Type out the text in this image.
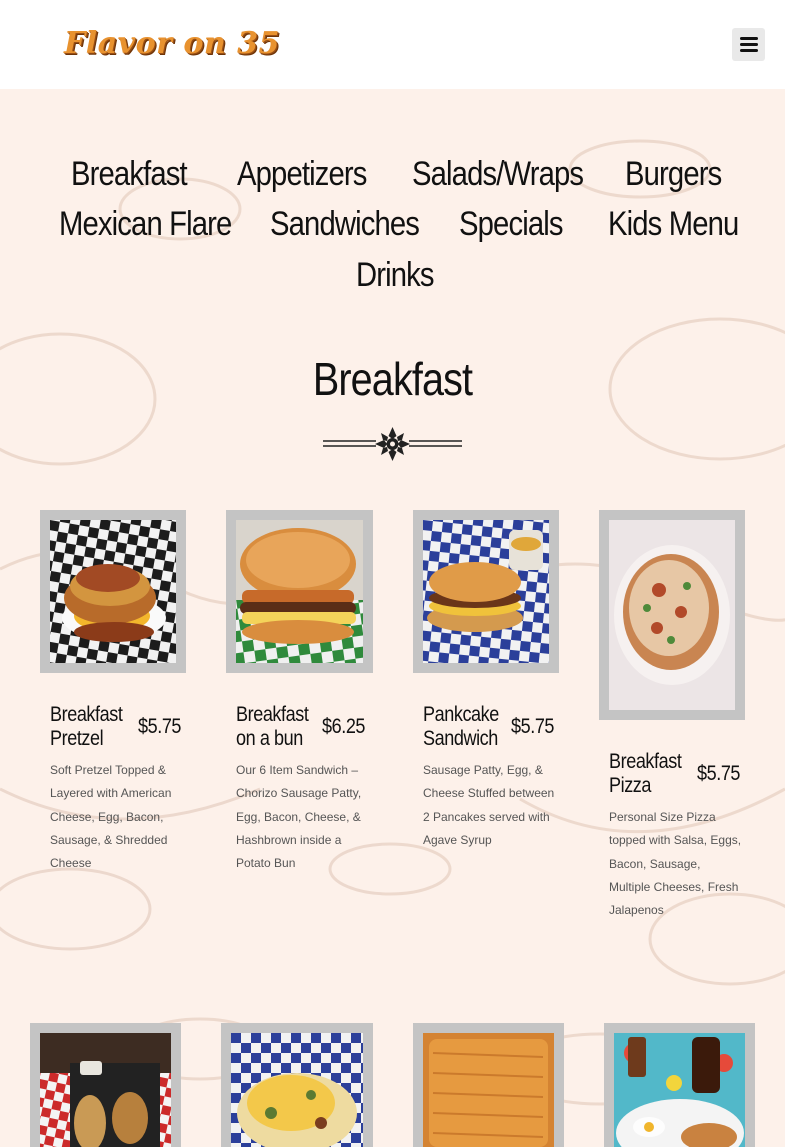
Flavor on 35
Breakfast Appetizers Salads/Wraps Burgers
Mexican Flare Sandwiches Specials Kids Menu
Drinks
Breakfast
Breakfast Pretzel
$5.75
Soft Pretzel Topped & Layered with American Cheese, Egg, Bacon, Sausage, & Shredded Cheese
Breakfast on a bun
$6.25
Our 6 Item Sandwich – Chorizo Sausage Patty, Egg, Bacon, Cheese, & Hashbrown inside a Potato Bun
Pankcake Sandwich
$5.75
Sausage Patty, Egg, & Cheese Stuffed between 2 Pancakes served with Agave Syrup
Breakfast Pizza
$5.75
Personal Size Pizza topped with Salsa, Eggs, Bacon, Sausage, Multiple Cheeses, Fresh Jalapenos
